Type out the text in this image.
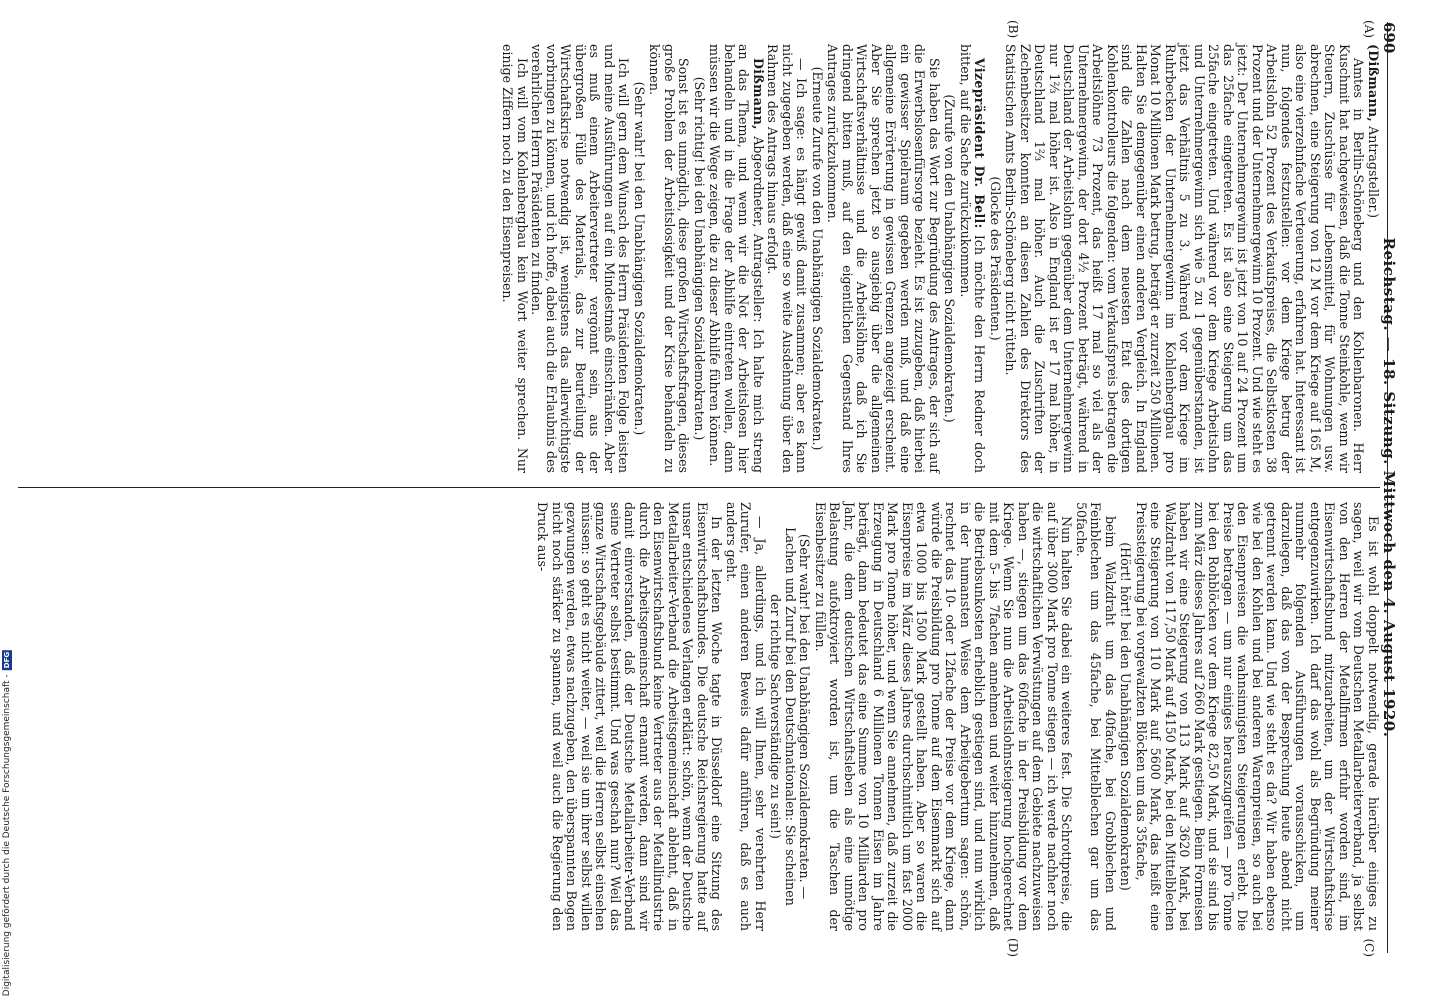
690
Reichstag. — 18. Sitzung. Mittwoch den 4. August 1920.
(A)
(B)

(Dißmann, Antragsteller.)

Amtes in Berlin-Schöneberg und den Kohlenbaronen. Herr Kuschmit hat nachgewiesen, daß die Tonne Steinkohle, wenn wir Steuern, Zuschüsse für Lebensmittel, für Wohnungen usw. abrechnen, eine Steigerung von 12 M vor dem Kriege auf 165 M, also eine vierzehnfache Verteuerung, erfahren hat. Interessant ist nun, folgendes festzustellen: vor dem Kriege betrug der Arbeitslohn 52 Prozent des Verkaufspreises, die Selbstkosten 38 Prozent und der Unternehmergewinn 10 Prozent. Und wie steht es jetzt: Der Unternehmergewinn ist jetzt von 10 auf 24 Prozent um das 25fache eingetreten. Es ist also eine Steigerung um das 25fache eingetreten. Und während vor dem Kriege Arbeitslohn und Unternehmergewinn sich wie 5 zu 1 gegenüberstanden, ist jetzt das Verhältnis 5 zu 3. Während vor dem Kriege im Ruhrbecken der Unternehmergewinn im Kohlenbergbau pro Monat 10 Millionen Mark betrug, beträgt er zurzeit 250 Millionen. Halten Sie demgegenüber einen anderen Vergleich. In England sind die Zahlen nach dem neuesten Etat des dortigen Kohlenkontrolleurs die folgenden: vom Verkaufspreis betragen die Arbeitslöhne 73 Prozent, das heißt 17 mal so viel als der Unternehmergewinn, der dort 4½ Prozent beträgt, während in Deutschland der Arbeitslohn gegenüber dem Unternehmergewinn nur 1⅔ mal höher ist. Also in England ist er 17 mal höher, in Deutschland 1⅔ mal höher. Auch die Zuschriften der Zechenbesitzer konnten an diesen Zahlen des Direktors des Statistischen Amts Berlin-Schöneberg nicht rütteln.

(Glocke des Präsidenten.)

Vizepräsident Dr. Bell: Ich möchte den Herrn Redner doch bitten, auf die Sache zurückzukommen.

(Zurufe von den Unabhängigen Sozialdemokraten.)

Sie haben das Wort zur Begründung des Antrages, der sich auf die Erwerbslosenfürsorge bezieht. Es ist zuzugeben, daß hierbei ein gewisser Spielraum gegeben werden muß, und daß eine allgemeine Erörterung in gewissen Grenzen angezeigt erscheint. Aber Sie sprechen jetzt so ausgiebig über die allgemeinen Wirtschaftsverhältnisse und die Arbeitslöhne, daß ich Sie dringend bitten muß, auf den eigentlichen Gegenstand Ihres Antrages zurückzukommen.

(Erneute Zurufe von den Unabhängigen Sozialdemokraten.)

— Ich sage: es hängt gewiß damit zusammen; aber es kann nicht zugegeben werden, daß eine so weite Ausdehnung über den Rahmen des Antrags hinaus erfolgt.

Dißmann, Abgeordneter, Antragsteller: Ich halte mich streng an das Thema, und wenn wir die Not der Arbeitslosen hier behandeln und in die Frage der Abhilfe eintreten wollen, dann müssen wir die Wege zeigen, die zu dieser Abhilfe führen können.

(Sehr richtig! bei den Unabhängigen Sozialdemokraten.)

Sonst ist es unmöglich, diese großen Wirtschaftsfragen, dieses große Problem der Arbeitslosigkeit und der Krise behandeln zu können.

(Sehr wahr! bei den Unabhängigen Sozialdemokraten.)

Ich will gern dem Wunsch des Herrn Präsidenten Folge leisten und meine Ausführungen auf ein Mindestmaß einschränken. Aber es muß einem Arbeitervertreter vergönnt sein, aus der übergroßen Fülle des Materials, das zur Beurteilung der Wirtschaftskrise notwendig ist, wenigstens das allerwichtigste vorbringen zu können, und ich hoffe, dabei auch die Erlaubnis des verehrlichen Herrn Präsidenten zu finden.

Ich will vom Kohlenbergbau kein Wort weiter sprechen. Nur einige Ziffern noch zu den Eisenpreisen.

(C)
(D)

Es ist wohl doppelt notwendig, gerade hierüber einiges zu sagen, weil wir vom Deutschen Metallarbeiterverband, ja selbst von den Herren der Metallfirmen erfuhr worden sind, im Eisenwirtschaftsbund mitzuarbeiten, um der Wirtschaftskrise entgegenzuwirken. Ich darf das wohl als Begründung meiner nunmehr folgenden Ausführungen vorausschicken, um darzulegen, daß das von der Besprechung heute abend nicht getrennt werden kann. Und wie steht es da? Wir haben ebenso wie bei den Kohlen und bei anderen Warenpreisen, so auch bei den Eisenpreisen die wahnsinnigsten Steigerungen erlebt. Die Preise betragen — um nur einiges herauszugreifen — pro Tonne bei den Rohblöcken vor dem Kriege 82,50 Mark, und sie sind bis zum März dieses Jahres auf 2660 Mark gestiegen. Beim Formeisen haben wir eine Steigerung von 113 Mark auf 3620 Mark, bei Walzdraht von 117,50 Mark auf 4150 Mark, bei den Mittelblechen eine Steigerung von 110 Mark auf 5600 Mark, das heißt eine Preissteigerung bei vorgewalzten Blöcken um das 35fache,

(Hört! hört! bei den Unabhängigen Sozialdemokraten)

beim Walzdraht um das 40fache, bei Grobblechen und Feinblechen um das 45fache, bei Mittelblechen gar um das 50fache.

Nun halten Sie dabei ein weiteres fest. Die Schrottpreise, die auf über 3000 Mark pro Tonne stiegen — ich werde nachher noch die wirtschaftlichen Verwüstungen auf dem Gebiete nachzuweisen haben —, stiegen um das 60fache in der Preisbildung vor dem Kriege. Wenn Sie nun die Arbeitslohnsteigerung hochgerechnet mit dem 5- bis 7fachen annehmen und weiter hinzunehmen, daß die Betriebsunkosten erheblich gestiegen sind, und nun wirklich in der humansten Weise dem Arbeitgebertum sagen: schön, rechnet das 10- oder 12fache der Preise vor dem Kriege, dann würde die Preisbildung pro Tonne auf dem Eisenmarkt sich auf etwa 1000 bis 1500 Mark gestellt haben. Aber so waren die Eisenpreise im März dieses Jahres durchschnittlich um fast 2000 Mark pro Tonne höher, und wenn Sie annehmen, daß zurzeit die Erzeugung in Deutschland 6 Millionen Tonnen Eisen im Jahre beträgt, dann bedeutet das eine Summe von 10 Milliarden pro Jahr, die dem deutschen Wirtschaftsleben als eine unnötige Belastung aufoktroyiert worden ist, um die Taschen der Eisenbesitzer zu füllen.

(Sehr wahr! bei den Unabhängigen Sozialdemokraten. — Lachen und Zuruf bei den Deutschnationalen: Sie scheinen der richtige Sachverständige zu sein!)

— Ja, allerdings, und ich will Ihnen, sehr verehrten Herr Zurufer, einen anderen Beweis dafür anführen, daß es auch anders geht.

In der letzten Woche tagte in Düsseldorf eine Sitzung des Eisenwirtschaftsbundes. Die deutsche Reichsregierung hatte auf unser entschiedenes Verlangen erklärt: schön, wenn der Deutsche Metallarbeiter-Verband die Arbeitsgemeinschaft ablehnt, daß in den Eisenwirtschaftsbund keine Vertreter aus der Metallindustrie durch die Arbeitsgemeinschaft ernannt werden, dann sind wir damit einverstanden, daß der Deutsche Metallarbeiter-Verband seine Vertreter selbst bestimmt. Und was geschah nun? Weil das ganze Wirtschaftsgebäude zittert, weil die Herren selbst einsehen müssen: so geht es nicht weiter, — weil sie um ihrer selbst willen gezwungen werden, etwas nachzugeben, den überspannten Bogen nicht noch stärker zu spannen, und weil auch die Regierung den Druck aus-

Digitalisierung gefördert durch die Deutsche Forschungsgemeinschaft -
DFG
